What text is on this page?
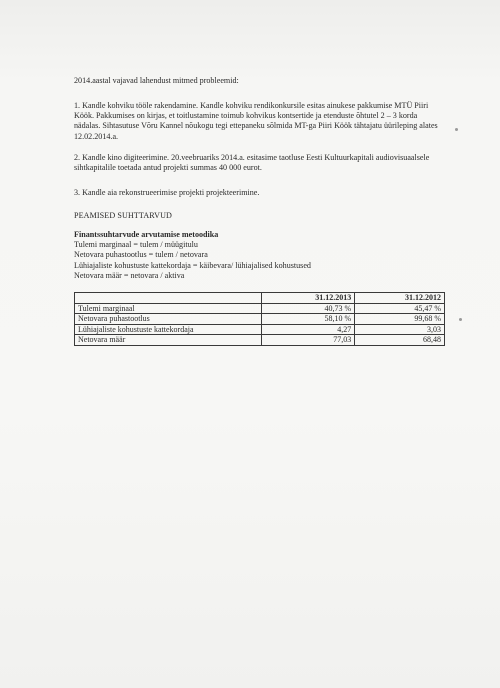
2014.aastal vajavad lahendust mitmed probleemid:

1. Kandle kohviku tööle rakendamine. Kandle kohviku rendikonkursile esitas ainukese pakkumise MTÜ Piiri Köök. Pakkumises on kirjas, et toitlustamine toimub kohvikus kontsertide ja etenduste õhtutel 2 – 3 korda nädalas. Sihtasutuse Võru Kannel nõukogu tegi ettepaneku sõlmida MT-ga Piiri Köök tähtajatu üürileping alates 12.02.2014.a.

2. Kandle kino digiteerimine. 20.veebruariks 2014.a. esitasime taotluse Eesti Kultuurkapitali audiovisuaalsele sihtkapitalile toetada antud projekti summas 40 000 eurot.

3. Kandle aia rekonstrueerimise projekti projekteerimine.

PEAMISED SUHTTARVUD

Finantssuhtarvude arvutamise metoodika
Tulemi marginaal = tulem / müügitulu
Netovara puhastootlus = tulem / netovara
Lühiajaliste kohustuste kattekordaja = käibevara/ lühiajalised kohustused
Netovara määr = netovara / aktiva
	31.12.2013	31.12.2012
Tulemi marginaal	40,73 %	45,47 %
Netovara puhastootlus	58,10 %	99,68 %
Lühiajaliste kohustuste kattekordaja	4,27	3,03
Netovara määr	77,03	68,48
